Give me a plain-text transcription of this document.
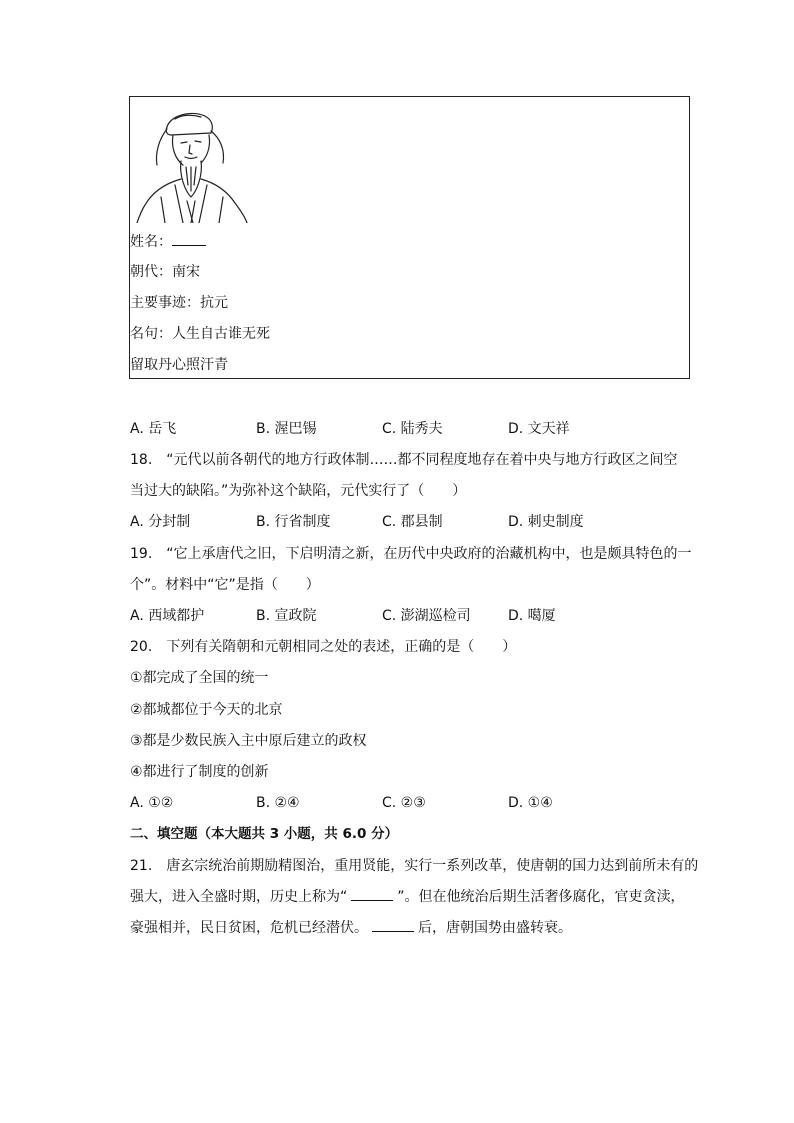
姓名：
朝代：南宋
主要事迹：抗元
名句：人生自古谁无死
留取丹心照汗青
A. 岳飞	B. 渥巴锡	C. 陆秀夫	D. 文天祥
18.　“元代以前各朝代的地方行政体制……都不同程度地存在着中央与地方行政区之间空
当过大的缺陷。”为弥补这个缺陷，元代实行了（　　）
A. 分封制	B. 行省制度	C. 郡县制	D. 刺史制度
19.　“它上承唐代之旧，下启明清之新，在历代中央政府的治藏机构中，也是颇具特色的一
个”。材料中“它”是指（　　）
A. 西域都护	B. 宣政院	C. 澎湖巡检司	D. 噶厦
20.　下列有关隋朝和元朝相同之处的表述，正确的是（　　）
①都完成了全国的统一
②都城都位于今天的北京
③都是少数民族入主中原后建立的政权
④都进行了制度的创新
A. ①②	B. ②④	C. ②③	D. ①④
二、填空题（本大题共 3 小题，共 6.0 分）
21.　唐玄宗统治前期励精图治，重用贤能，实行一系列改革，使唐朝的国力达到前所未有的
强大，进入全盛时期，历史上称为“	”。但在他统治后期生活奢侈腐化，官吏贪渎，
豪强相并，民日贫困，危机已经潜伏。	后，唐朝国势由盛转衰。
